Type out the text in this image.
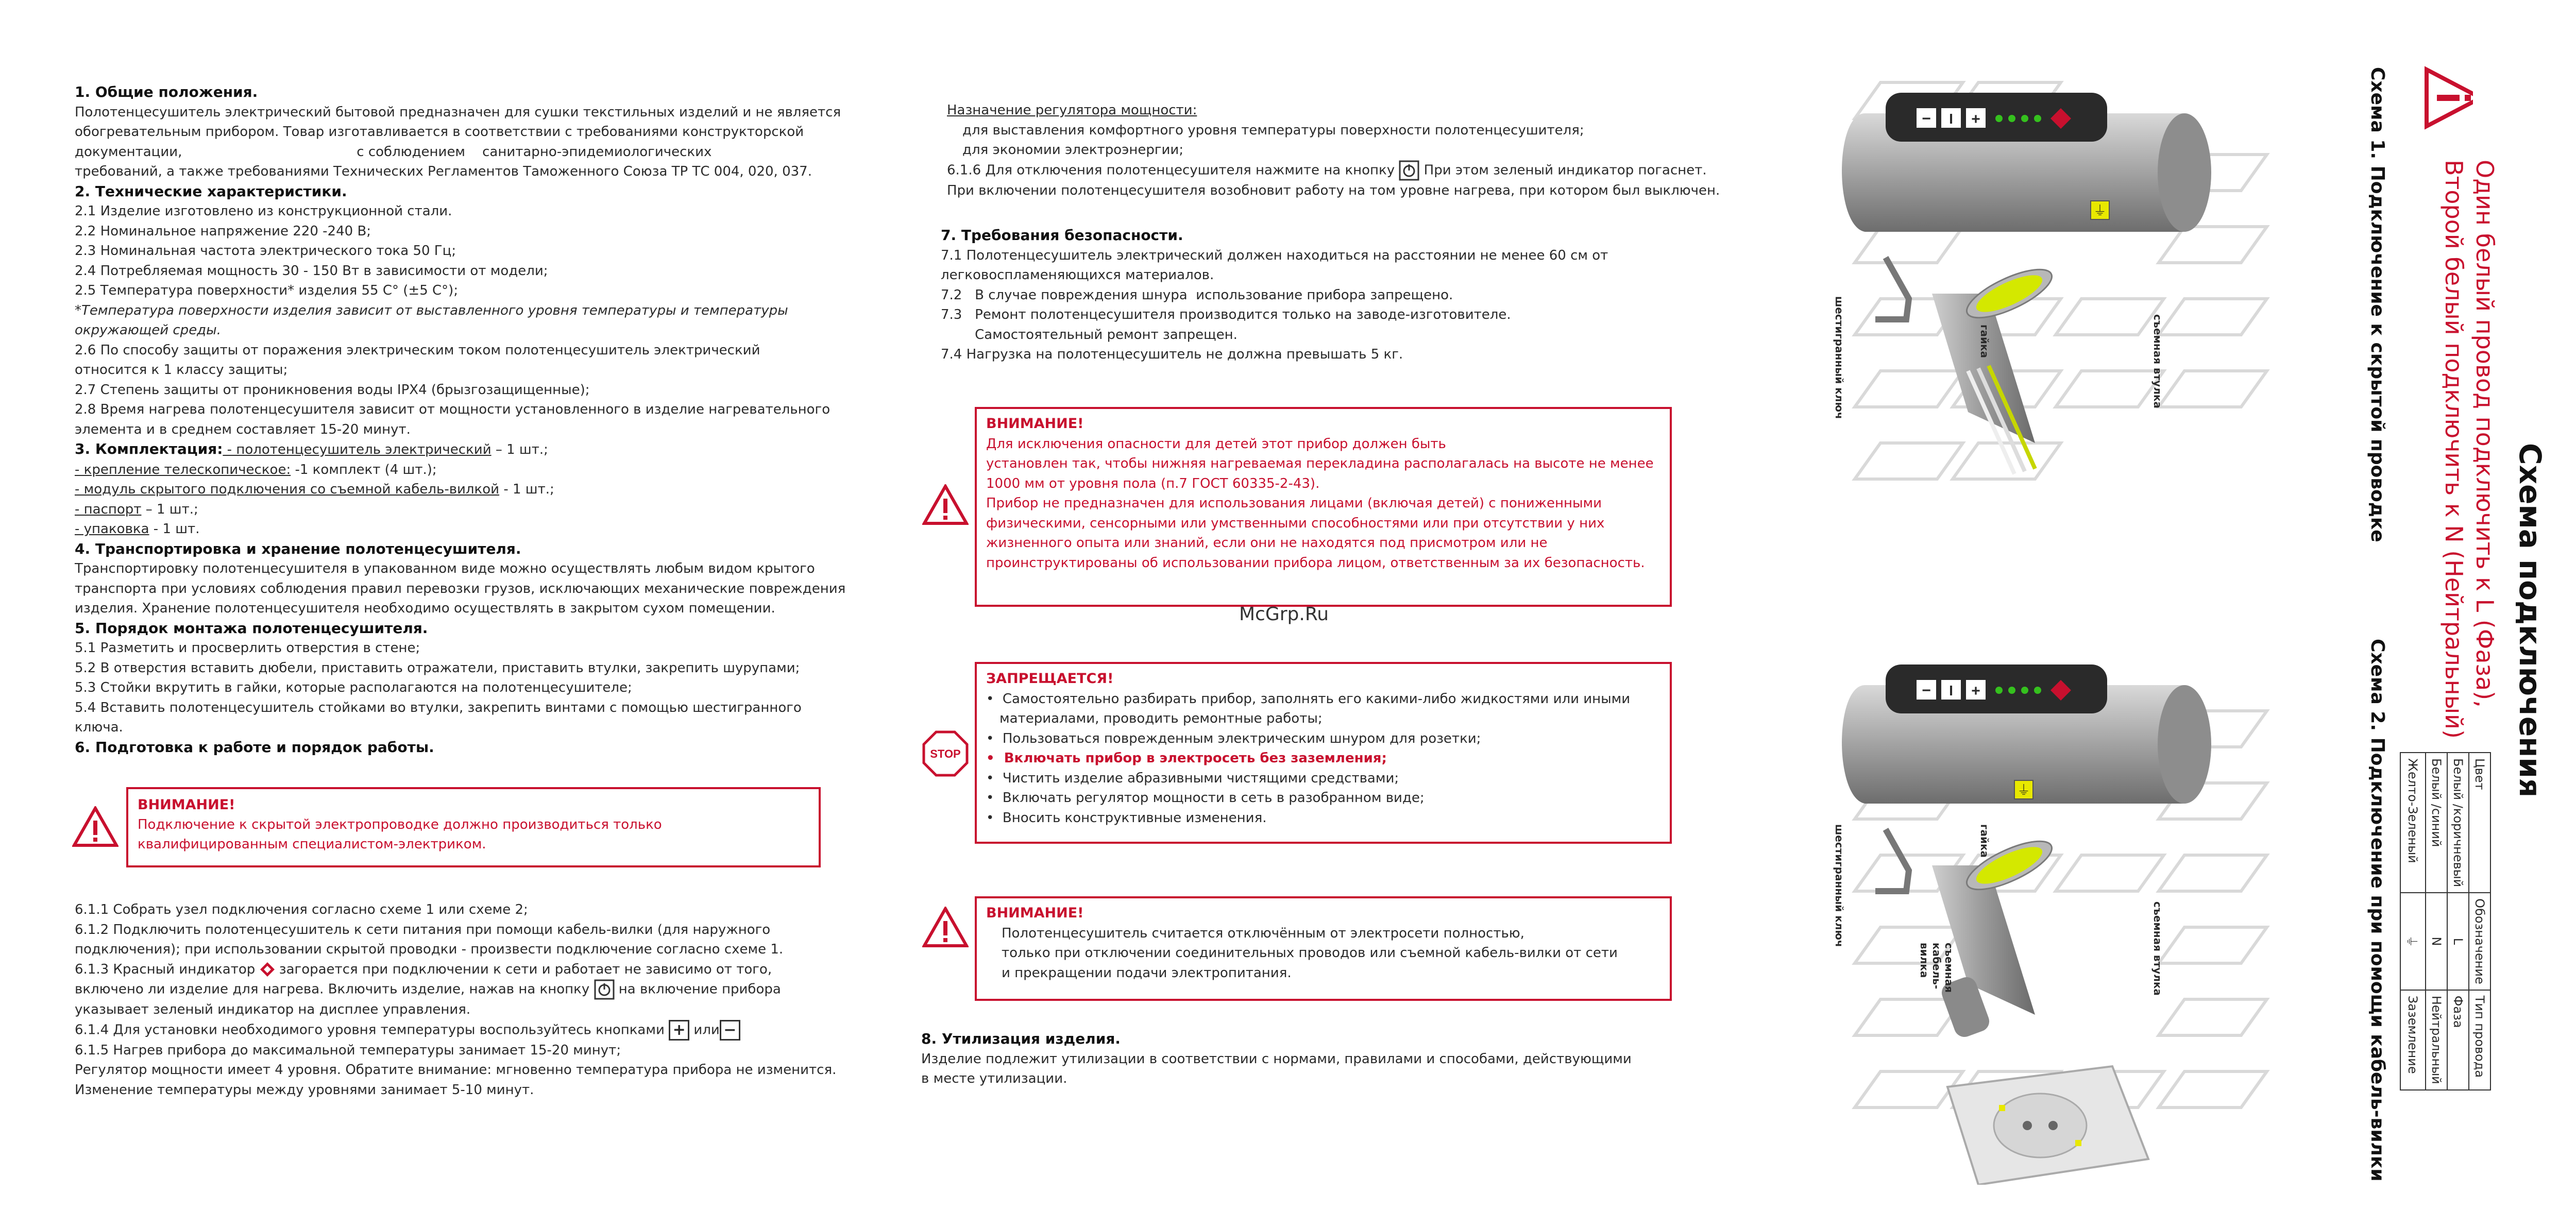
1. Общие положения.

Полотенцесушитель электрический бытовой предназначен для сушки текстильных изделий и не является

обогревательным прибором. Товар изготавливается в соответствии с требованиями конструкторской

документации,                                         с соблюдением    санитарно-эпидемиологических

требований, а также требованиями Технических Регламентов Таможенного Союза ТР ТС 004, 020, 037.

2. Технические характеристики.

2.1 Изделие изготовлено из конструкционной стали.

2.2 Номинальное напряжение 220 -240 В;

2.3 Номинальная частота электрического тока 50 Гц;

2.4 Потребляемая мощность 30 - 150 Вт в зависимости от модели;

2.5 Температура поверхности* изделия 55 С° (±5 С°);

*Температура поверхности изделия зависит от выставленного уровня температуры и температуры окружающей среды.

2.6 По способу защиты от поражения электрическим током полотенцесушитель электрический

относится к 1 классу защиты;

2.7 Степень защиты от проникновения воды IPX4 (брызгозащищенные);

2.8 Время нагрева полотенцесушителя зависит от мощности установленного в изделие нагревательного

элемента и в среднем составляет 15-20 минут.

3. Комплектация: - полотенцесушитель электрический – 1 шт.;

- крепление телескопическое: -1 комплект (4 шт.);

- модуль скрытого подключения со съемной кабель-вилкой - 1 шт.;

- паспорт – 1 шт.;

- упаковка - 1 шт.

4. Транспортировка и хранение полотенцесушителя.

Транспортировку полотенцесушителя в упакованном виде можно осуществлять любым видом крытого

транспорта при условиях соблюдения правил перевозки грузов, исключающих механические повреждения

изделия. Хранение полотенцесушителя необходимо осуществлять в закрытом сухом помещении.

5. Порядок монтажа полотенцесушителя.

5.1 Разметить и просверлить отверстия в стене;

5.2 В отверстия вставить дюбели, приставить отражатели, приставить втулки, закрепить шурупами;

5.3 Стойки вкрутить в гайки, которые располагаются на полотенцесушителе;

5.4 Вставить полотенцесушитель стойками во втулки, закрепить винтами с помощью шестигранного ключа.

6. Подготовка к работе и порядок работы.

ВНИМАНИЕ!
Подключение к скрытой электропроводке должно производиться только
квалифицированным специалистом-электриком.

6.1.1 Собрать узел подключения согласно схеме 1 или схеме 2;

6.1.2 Подключить полотенцесушитель к сети питания при помощи кабель-вилки (для наружного

подключения); при использовании скрытой проводки - произвести подключение согласно схеме 1.

6.1.3 Красный индикатор  загорается при подключении к сети и работает не зависимо от того,

включено ли изделие для нагрева. Включить изделие, нажав на кнопку  на включение прибора

указывает зеленый индикатор на дисплее управления.

6.1.4 Для установки необходимого уровня температуры воспользуйтесь кнопками + или −

6.1.5 Нагрев прибора до максимальной температуры занимает 15-20 минут;

Регулятор мощности имеет 4 уровня. Обратите внимание: мгновенно температура прибора не изменится.

Изменение температуры между уровнями занимает 5-10 минут.

Назначение регулятора мощности:

для выставления комфортного уровня температуры поверхности полотенцесушителя;

для экономии электроэнергии;

6.1.6 Для отключения полотенцесушителя нажмите на кнопку  При этом зеленый индикатор погаснет.

При включении полотенцесушителя возобновит работу на том уровне нагрева, при котором был выключен.

7. Требования безопасности.

7.1 Полотенцесушитель электрический должен находиться на расстоянии не менее 60 см от

легковоспламеняющихся материалов.

7.2   В случае повреждения шнура  использование прибора запрещено.

7.3   Ремонт полотенцесушителя производится только на заводе-изготовителе.

Самостоятельный ремонт запрещен.

7.4 Нагрузка на полотенцесушитель не должна превышать 5 кг.

ВНИМАНИЕ!
Для исключения опасности для детей этот прибор должен быть
установлен так, чтобы нижняя нагреваемая перекладина располагалась на высоте не менее
1000 мм от уровня пола (п.7 ГОСТ 60335-2-43).
Прибор не предназначен для использования лицами (включая детей) с пониженными
физическими, сенсорными или умственными способностями или при отсутствии у них
жизненного опыта или знаний, если они не находятся под присмотром или не
проинструктированы об использовании прибора лицом, ответственным за их безопасность.
McGrp.Ru
STOP
ЗАПРЕЩАЕТСЯ!
•  Самостоятельно разбирать прибор, заполнять его какими-либо жидкостями или иными
материалами, проводить ремонтные работы;
•  Пользоваться поврежденным электрическим шнуром для розетки;
•  Включать прибор в электросеть без заземления;
•  Чистить изделие абразивными чистящими средствами;
•  Включать регулятор мощности в сеть в разобранном виде;
•  Вносить конструктивные изменения.
ВНИМАНИЕ!
Полотенцесушитель считается отключённым от электросети полностью,
только при отключении соединительных проводов или съемной кабель-вилки от сети
и прекращении подачи электропитания.

8. Утилизация изделия.

Изделие подлежит утилизации в соответствии с нормами, правилами и способами, действующими

в месте утилизации.

− I +
⏚
− I +
⏚
шестигранный ключ	гайка	съемная втулка
шестигранный ключ	гайка
съемная втулка
съемная кабель-вилка
Схема подключения
Один белый провод подключить к L (Фаза),
Второй белый подключить к N (Нейтральный)
Схема 1. Подключение к скрытой проводке
Схема 2. Подключение при помощи кабель-вилки	Цвет	Обозначение	Тип провода
Белый /коричневый	L	Фаза
Белый /синий	N	Нейтральный
Желто-Зеленый	⏚	Заземление
